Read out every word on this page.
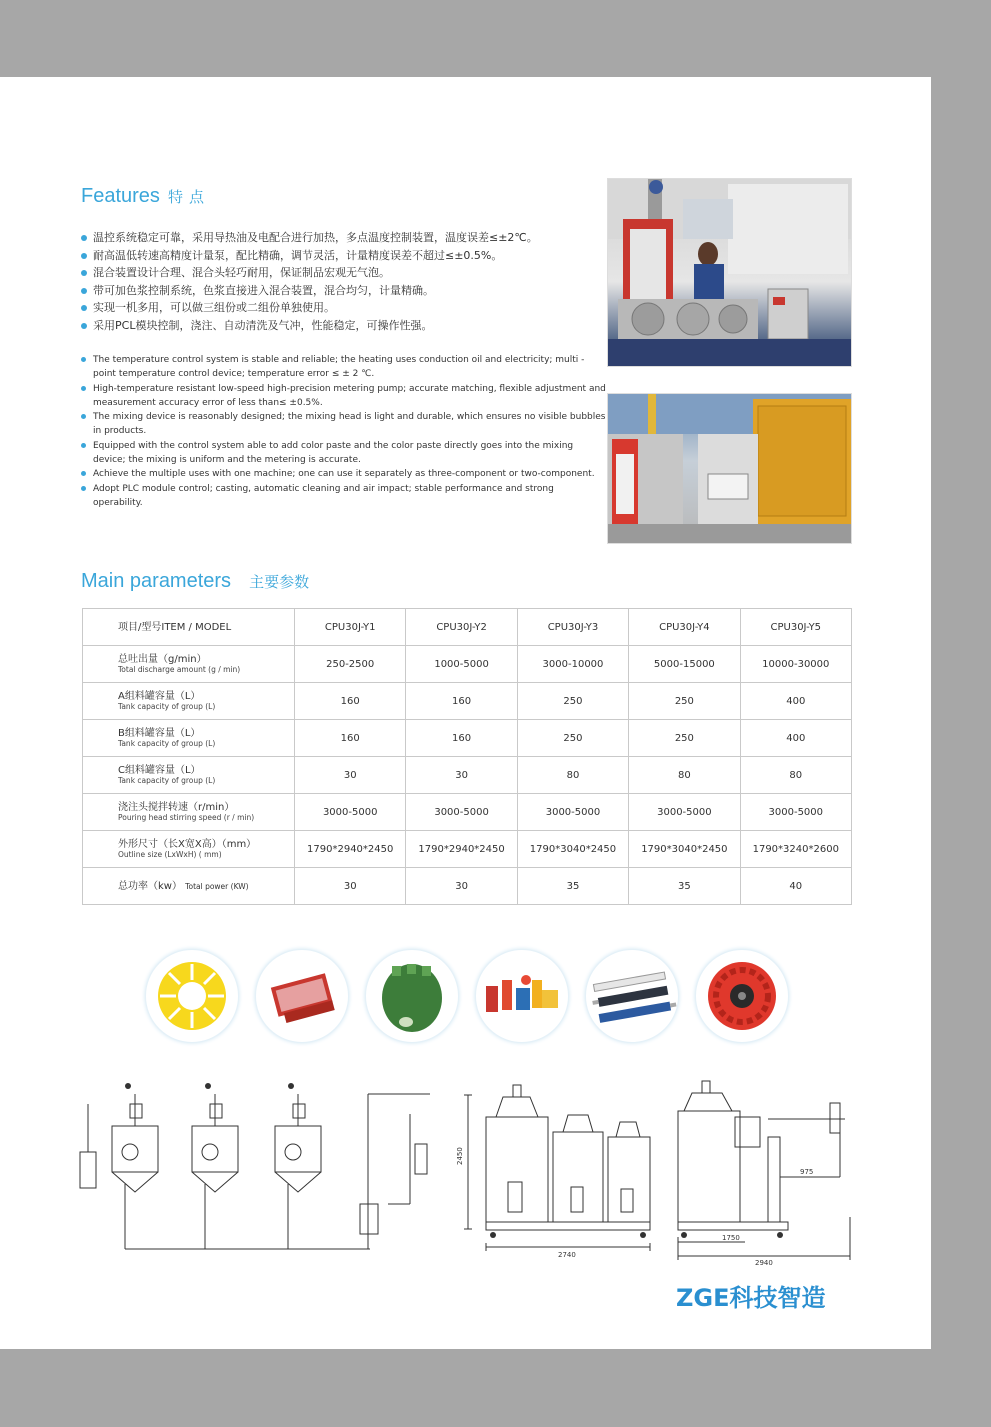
Features 特点
温控系统稳定可靠，采用导热油及电配合进行加热，多点温度控制装置，温度误差≤±2℃。
耐高温低转速高精度计量泵，配比精确，调节灵活，计量精度误差不超过≤±0.5%。
混合装置设计合理、混合头轻巧耐用，保证制品宏观无气泡。
带可加色浆控制系统，色浆直接进入混合装置，混合均匀，计量精确。
实现一机多用，可以做三组份或二组份单独使用。
采用PCL模块控制，浇注、自动清洗及气冲，性能稳定，可操作性强。
The temperature control system is stable and reliable; the heating uses conduction oil and electricity; multi -point temperature control device; temperature error ≤ ± 2 ℃.
High-temperature resistant low-speed high-precision metering pump; accurate matching, flexible adjustment and measurement accuracy error of less than≤ ±0.5%.
The mixing device is reasonably designed; the mixing head is light and durable, which ensures no visible bubbles in products.
Equipped with the control system able to add color paste and the color paste directly goes into the mixing device; the mixing is uniform and the metering is accurate.
Achieve the multiple uses with one machine; one can use it separately as three-component or two-component.
Adopt PLC module control; casting, automatic cleaning and air impact; stable performance and strong operability.
Main parameters 主要参数
项目/型号ITEM / MODEL	CPU30J-Y1	CPU30J-Y2	CPU30J-Y3	CPU30J-Y4	CPU30J-Y5

总吐出量（g/min）
Total discharge amount (g / min)	250-2500	1000-5000	3000-10000	5000-15000	10000-30000

A组料罐容量（L）
Tank capacity of group (L)	160	160	250	250	400

B组料罐容量（L）
Tank capacity of group (L)	160	160	250	250	400

C组料罐容量（L）
Tank capacity of group (L)	30	30	80	80	80

浇注头搅拌转速（r/min）
Pouring head stirring speed (r / min)	3000-5000	3000-5000	3000-5000	3000-5000	3000-5000

外形尺寸（长X宽X高）（mm）
Outline size (LxWxH) ( mm)	1790*2940*2450	1790*2940*2450	1790*3040*2450	1790*3040*2450	1790*3240*2600

总功率（kw） Total power (KW)	30	30	35	35	40
2450
2740
975
1750
2940
ZGE科技智造
